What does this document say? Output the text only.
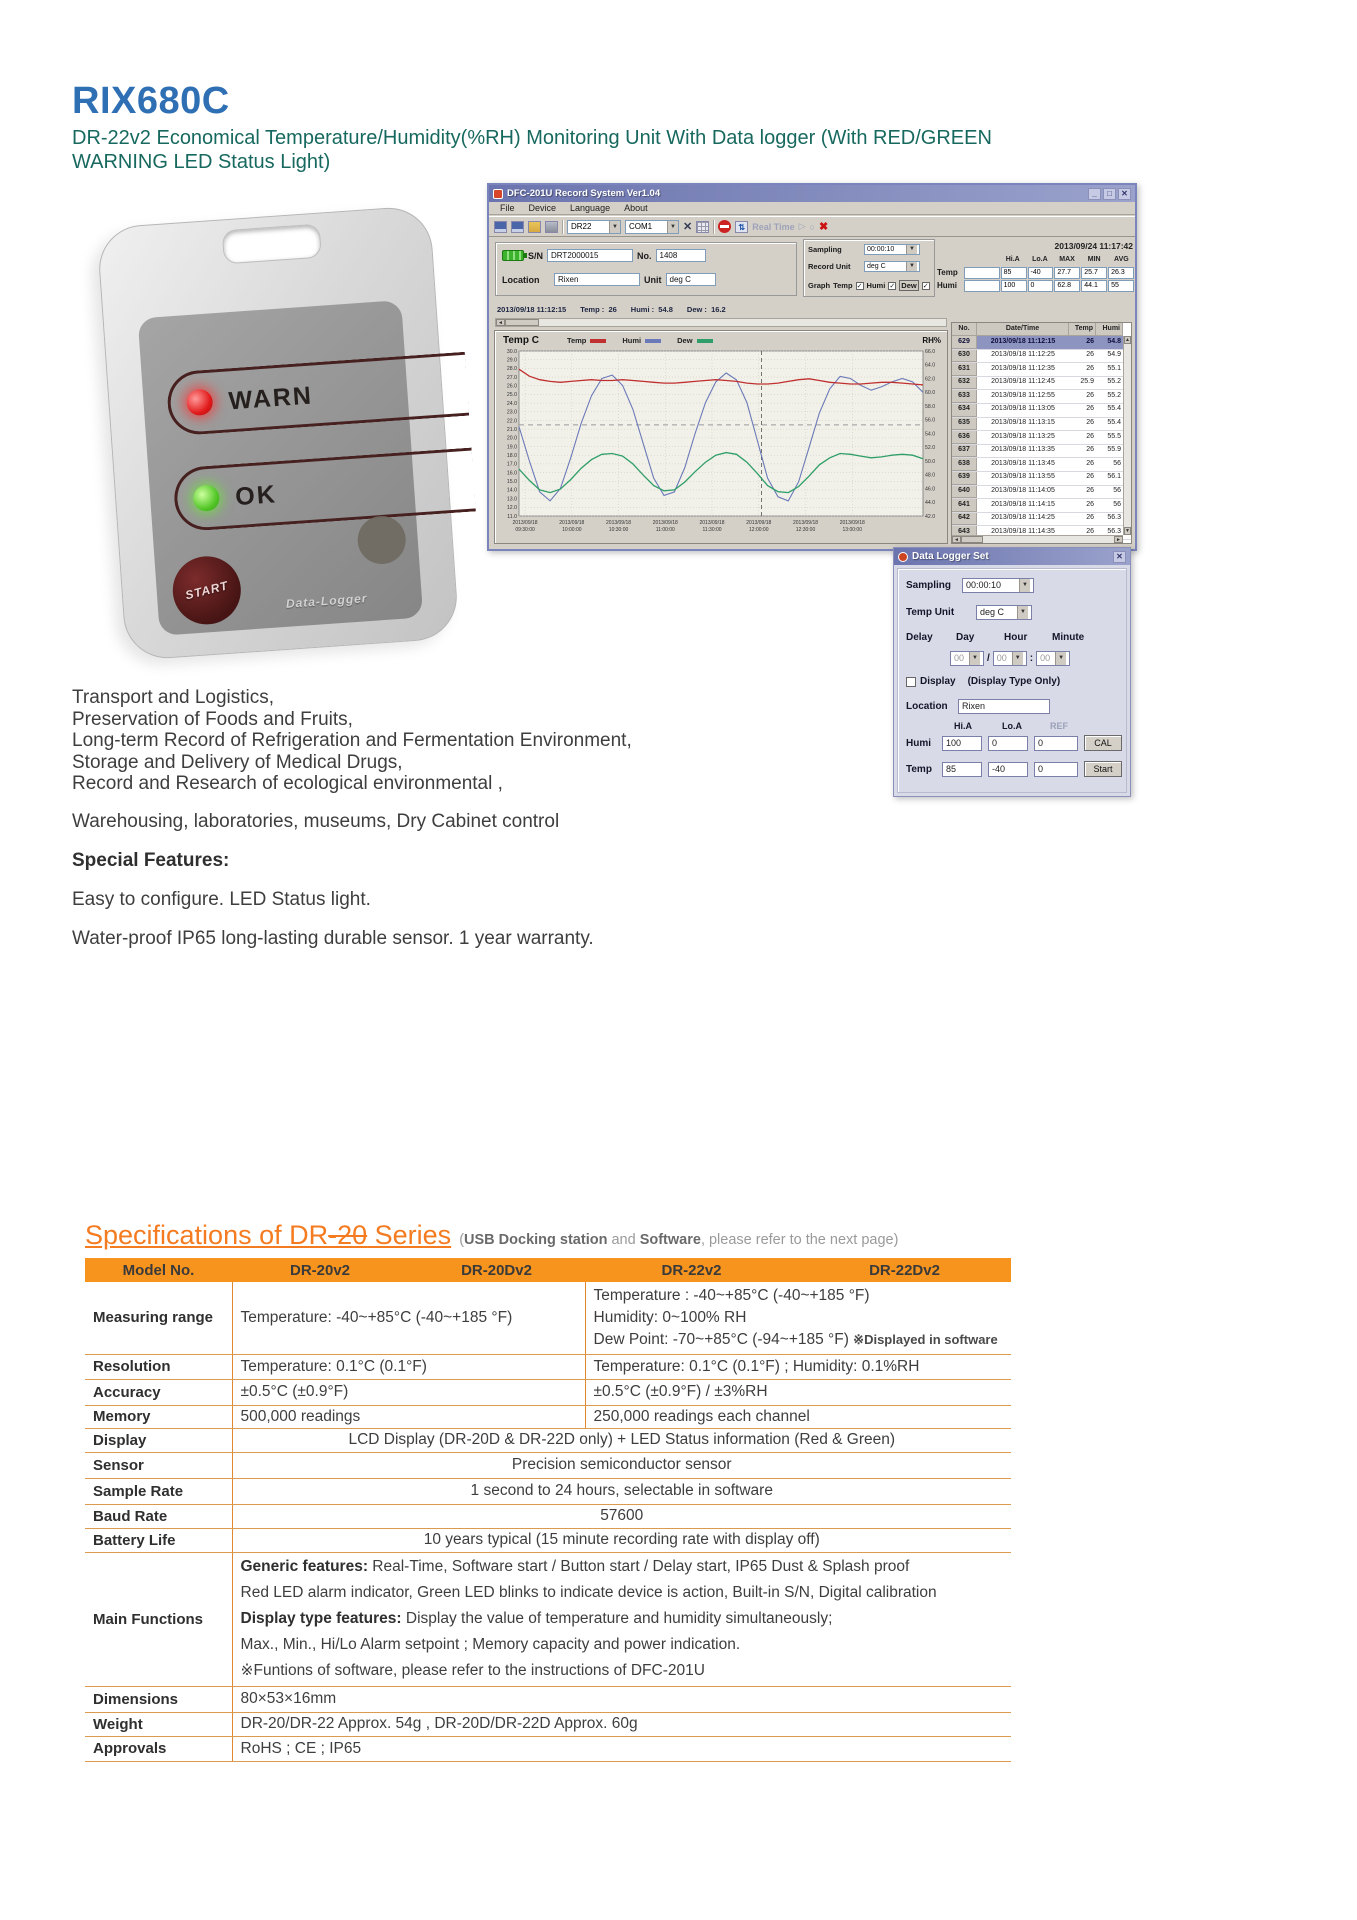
RIX680C
DR-22v2 Economical Temperature/Humidity(%RH) Monitoring Unit With Data logger (With RED/GREEN
WARNING LED Status Light)
WARN
OK
START	Data-Logger
DFC-201U Record System Ver1.04	_	□	✕
File	Device	Language	About
DR22	▼ COM1	▼ ✕	⇅ Real Time ▷ ○ ✖
S/N	DRT2000015	No.	1408
Location	Rixen	Unit	deg C
Sampling	00:00:10	▼
Record Unit	deg C	▼
Graph Temp ✓ Humi ✓ Dew ✓
2013/09/24 11:17:42
Hi.A	Lo.A	MAX	MIN	AVG
Temp	85	-40	27.7	25.7	26.3
Humi	100	0	62.8	44.1	55
2013/09/18 11:12:15 Temp : 26 Humi : 54.8 Dew : 16.2
◄
Temp C	Temp	Humi	Dew	RH%
11.0
12.0
13.0
14.0
15.0
16.0
17.0
18.0
19.0
20.0
21.0
22.0
23.0
24.0
25.0
26.0
27.0
28.0
29.0
30.0
42.0
44.0
46.0
48.0
50.0
52.0
54.0
56.0
58.0
60.0
62.0
64.0
66.0
2013/09/18
09:30:00
2013/09/18
10:00:00
2013/09/18
10:30:00
2013/09/18
11:00:00
2013/09/18
11:30:00
2013/09/18
12:00:00
2013/09/18
12:30:00
2013/09/18
13:00:00
No.	Date/Time	Temp	Humi
629	2013/09/18 11:12:15	26	54.8
630	2013/09/18 11:12:25	26	54.9
631	2013/09/18 11:12:35	26	55.1
632	2013/09/18 11:12:45	25.9	55.2
633	2013/09/18 11:12:55	26	55.2
634	2013/09/18 11:13:05	26	55.4
635	2013/09/18 11:13:15	26	55.4
636	2013/09/18 11:13:25	26	55.5
637	2013/09/18 11:13:35	26	55.9
638	2013/09/18 11:13:45	26	56
639	2013/09/18 11:13:55	26	56.1
640	2013/09/18 11:14:05	26	56
641	2013/09/18 11:14:15	26	56
642	2013/09/18 11:14:25	26	56.3
643	2013/09/18 11:14:35	26	56.3
▲
▼
◄	►
Data Logger Set	✕
Sampling	00:00:10	▼
Temp Unit	deg C	▼
Delay	Day	Hour	Minute
00	▼ / 00	▼ : 00	▼
Display (Display Type Only)
Location	Rixen
Hi.A	Lo.A	REF
Humi	100	0	0	CAL
Temp	85	-40	0	Start
Transport and Logistics,
Preservation of Foods and Fruits,
Long-term Record of Refrigeration and Fermentation Environment,
Storage and Delivery of Medical Drugs,
Record and Research of ecological environmental ,
Warehousing, laboratories, museums, Dry Cabinet control
Special Features:
Easy to configure. LED Status light.
Water-proof IP65 long-lasting durable sensor. 1 year warranty.
Specifications of DR-20 Series (USB Docking station and Software, please refer to the next page)
Model No.	DR-20v2	DR-20Dv2	DR-22v2	DR-22Dv2
Measuring range	Temperature: -40~+85°C (-40~+185 °F)		Temperature : -40~+85°C (-40~+185 °F)
Humidity: 0~100% RH
Dew Point: -70~+85°C (-94~+185 °F) ※Displayed in software	

Resolution	Temperature: 0.1°C (0.1°F)		Temperature: 0.1°C (0.1°F) ; Humidity: 0.1%RH	
Accuracy	±0.5°C (±0.9°F)		±0.5°C (±0.9°F) / ±3%RH	
Memory	500,000 readings		250,000 readings each channel	
Display	LCD Display (DR-20D & DR-22D only) + LED Status information (Red & Green)			
Sensor	Precision semiconductor sensor			
Sample Rate	1 second to 24 hours, selectable in software			
Baud Rate	57600			
Battery Life	10 years typical (15 minute recording rate with display off)			
Main Functions	Generic features: Real-Time, Software start / Button start / Delay start, IP65 Dust & Splash proof
Red LED alarm indicator, Green LED blinks to indicate device is action, Built-in S/N, Digital calibration
Display type features: Display the value of temperature and humidity simultaneously;
Max., Min., Hi/Lo Alarm setpoint ; Memory capacity and power indication.
※Funtions of software, please refer to the instructions of DFC-201U			

Dimensions	80×53×16mm			
Weight	DR-20/DR-22 Approx. 54g , DR-20D/DR-22D Approx. 60g			
Approvals	RoHS ; CE ; IP65			
